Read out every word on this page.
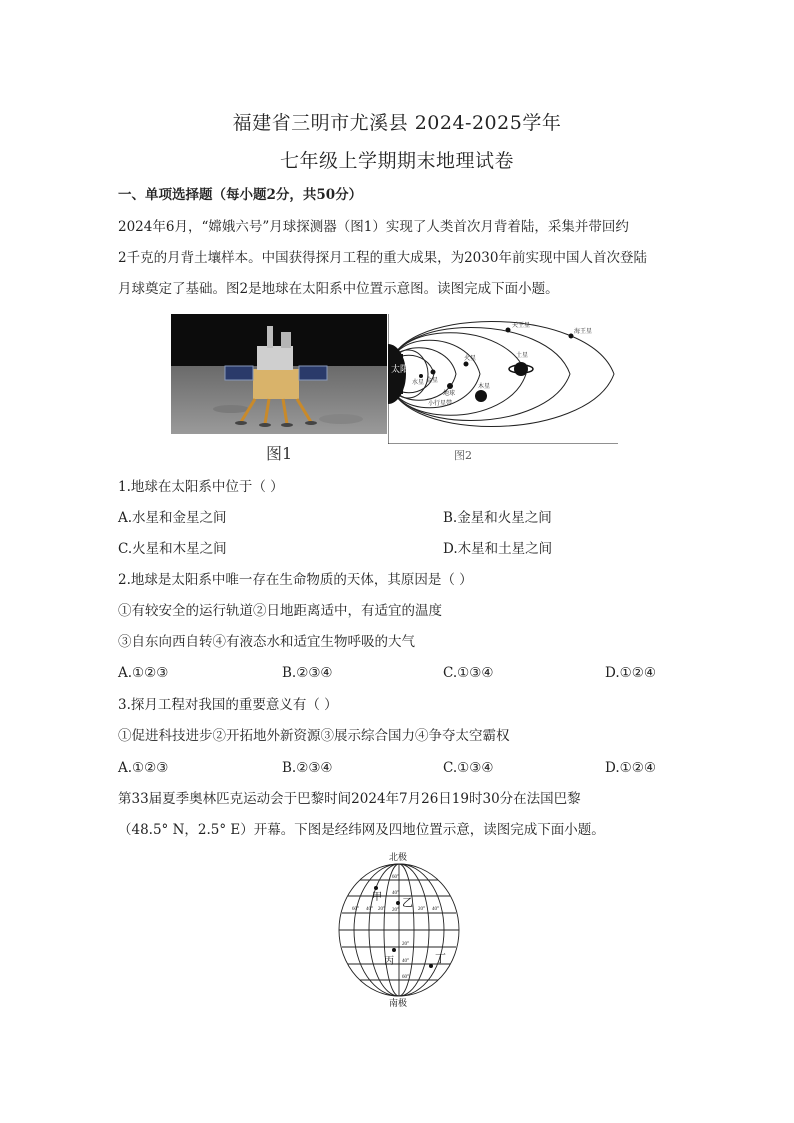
福建省三明市尤溪县 2024-2025学年
七年级上学期期末地理试卷
一、单项选择题（每小题2分，共50分）
2024年6月，“嫦娥六号”月球探测器（图1）实现了人类首次月背着陆，采集并带回约
2千克的月背土壤样本。中国获得探月工程的重大成果，为2030年前实现中国人首次登陆
月球奠定了基础。图2是地球在太阳系中位置示意图。读图完成下面小题。
图1
太阳
水星 金星
地球
火星
木星
土星
天王星
海王星
小行星带
图2
1.地球在太阳系中位于（ ）
A.水星和金星之间	B.金星和火星之间
C.火星和木星之间	D.木星和土星之间
2.地球是太阳系中唯一存在生命物质的天体，其原因是（ ）
①有较安全的运行轨道②日地距离适中，有适宜的温度
③自东向西自转④有液态水和适宜生物呼吸的大气
A.①②③	B.②③④	C.①③④	D.①②④
3.探月工程对我国的重要意义有（ ）
①促进科技进步②开拓地外新资源③展示综合国力④争夺太空霸权
A.①②③	B.②③④	C.①③④	D.①②④
第33届夏季奥林匹克运动会于巴黎时间2024年7月26日19时30分在法国巴黎
（48.5° N，2.5° E）开幕。下图是经纬网及四地位置示意，读图完成下面小题。
60°
40°
20°
20°
40°
60°
60° 40° 20°	20° 40°
北极
南极
甲 乙
丙	丁
